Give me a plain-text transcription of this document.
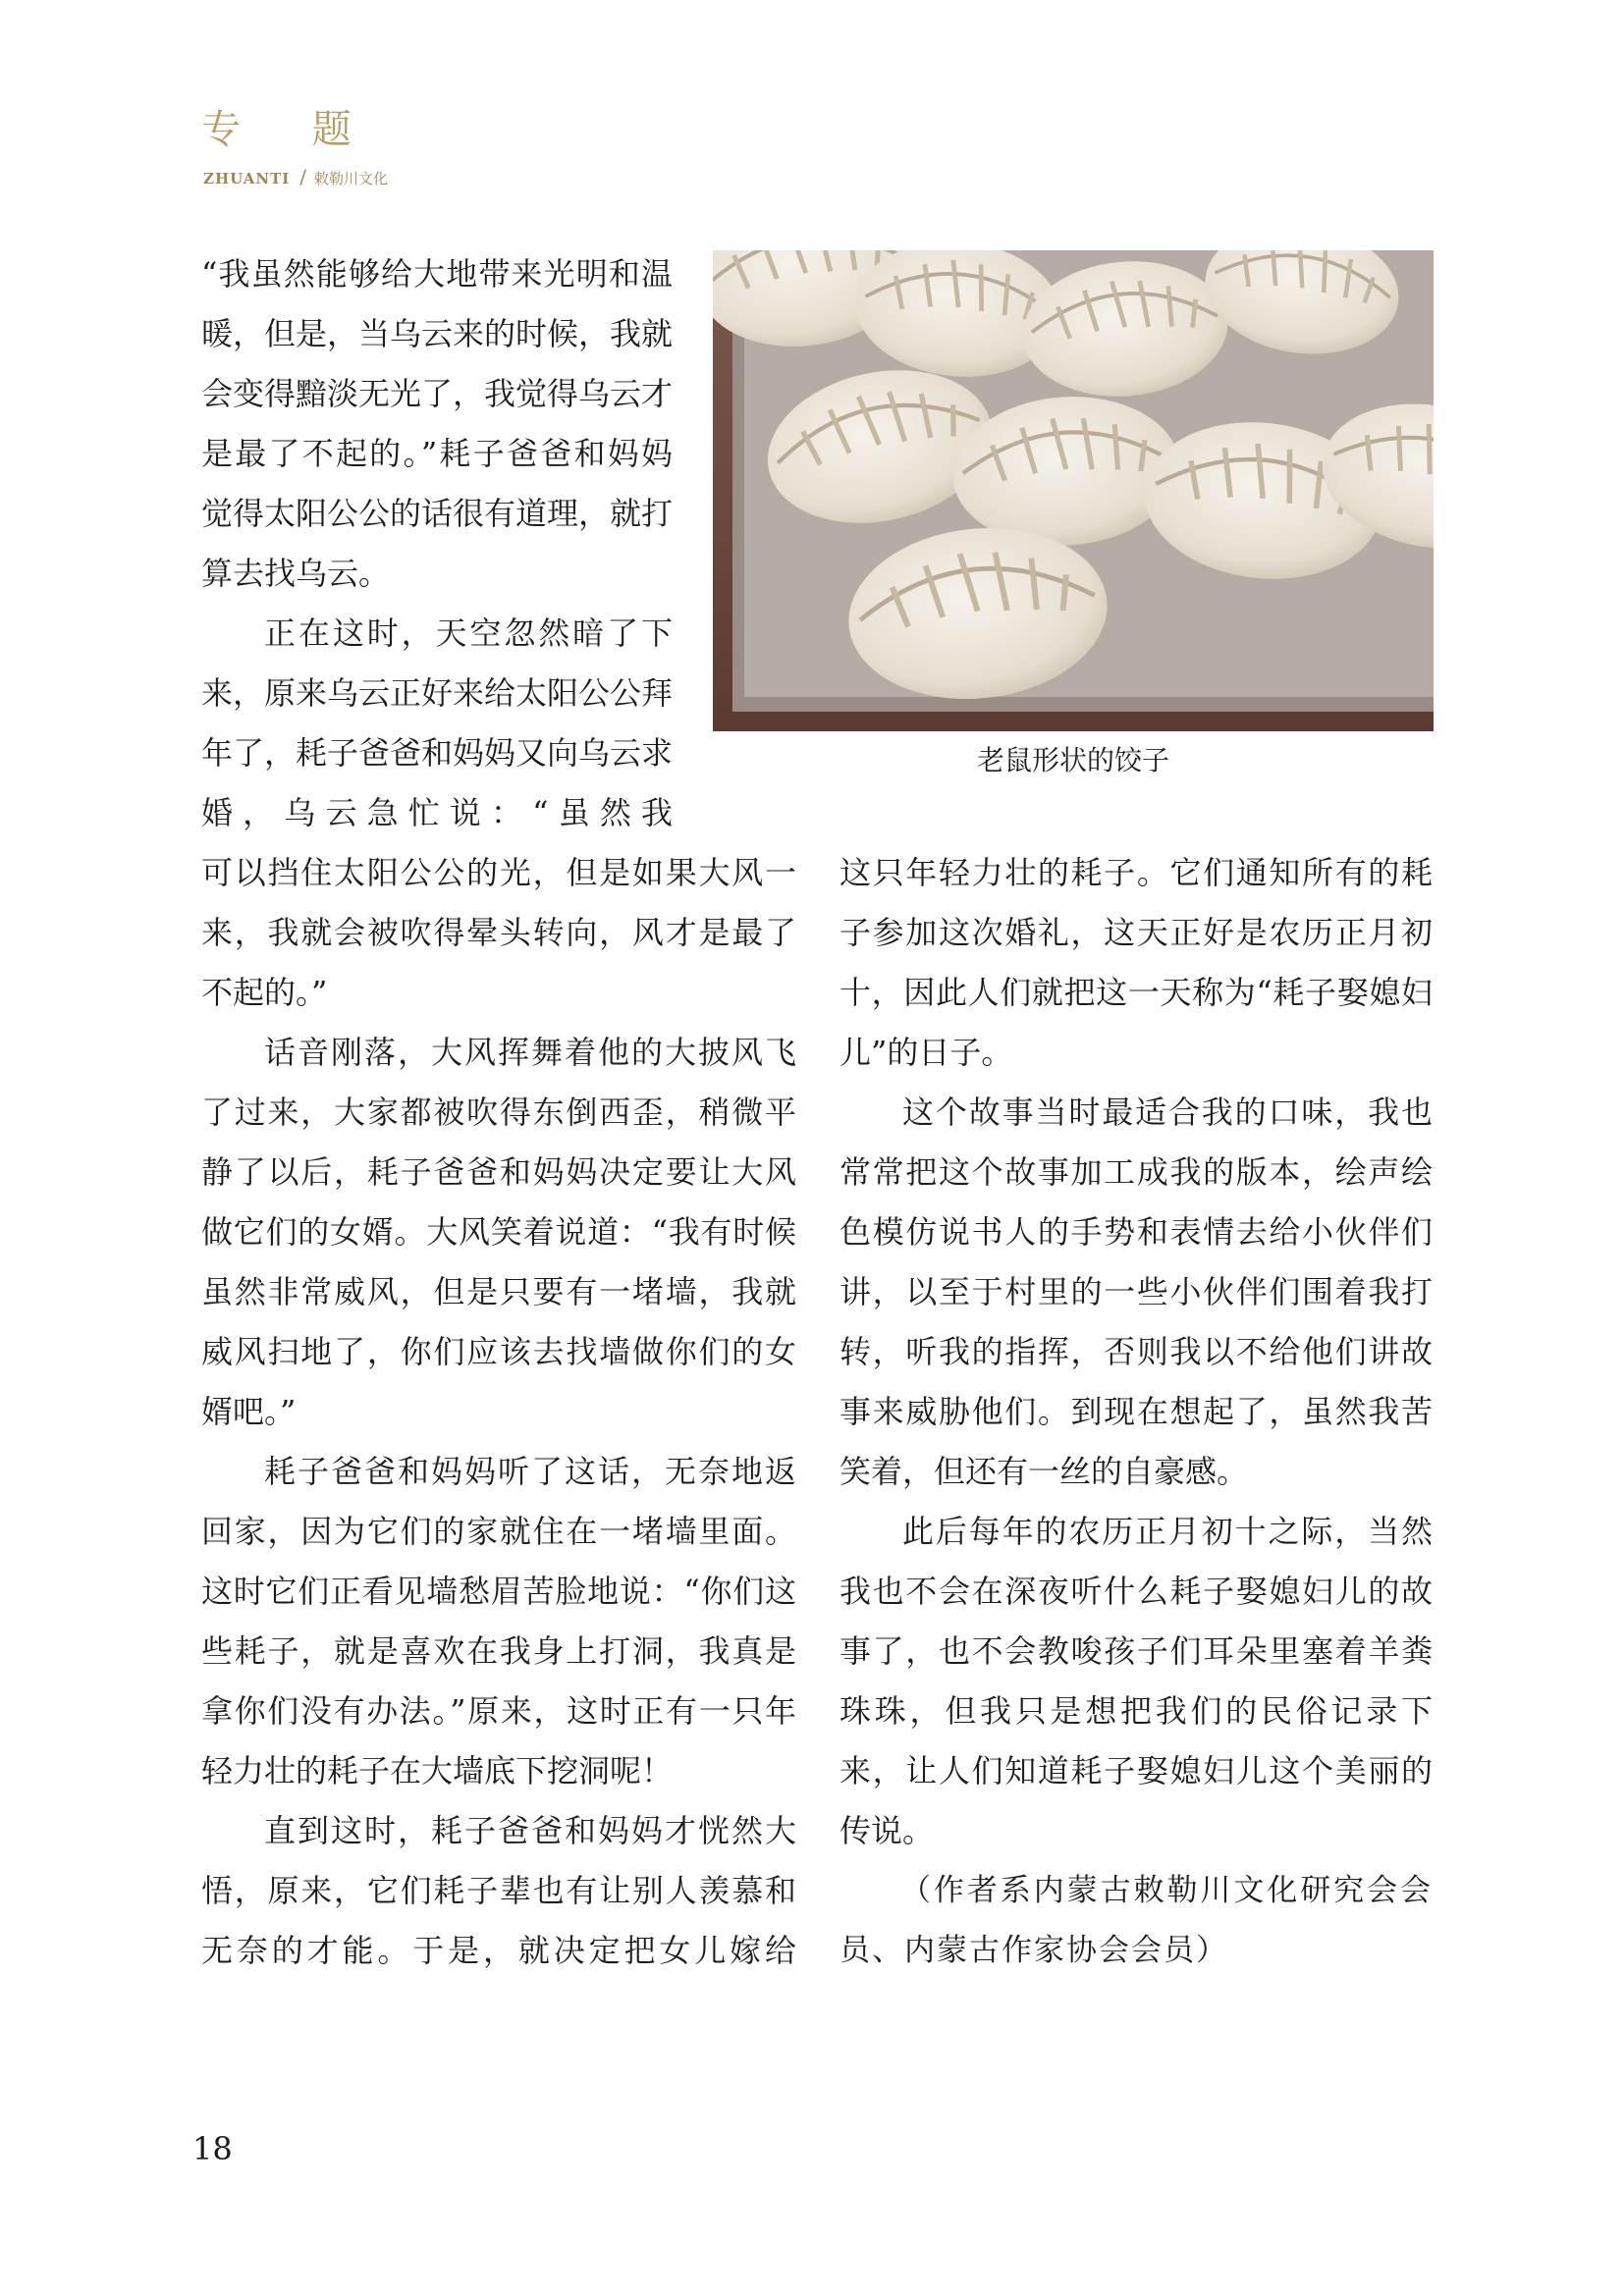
专 题
ZHUANTI / 敕勒川文化

“我虽然能够给大地带来光明和温暖，但是，当乌云来的时候，我就会变得黯淡无光了，我觉得乌云才是最了不起的。”耗子爸爸和妈妈觉得太阳公公的话很有道理，就打算去找乌云。

正在这时，天空忽然暗了下来，原来乌云正好来给太阳公公拜年了，耗子爸爸和妈妈又向乌云求婚，乌云急忙说：“虽然我

老鼠形状的饺子

可以挡住太阳公公的光，但是如果大风一来，我就会被吹得晕头转向，风才是最了不起的。”

话音刚落，大风挥舞着他的大披风飞了过来，大家都被吹得东倒西歪，稍微平静了以后，耗子爸爸和妈妈决定要让大风做它们的女婿。大风笑着说道：“我有时候虽然非常威风，但是只要有一堵墙，我就威风扫地了，你们应该去找墙做你们的女婿吧。”

耗子爸爸和妈妈听了这话，无奈地返回家，因为它们的家就住在一堵墙里面。这时它们正看见墙愁眉苦脸地说：“你们这些耗子，就是喜欢在我身上打洞，我真是拿你们没有办法。”原来，这时正有一只年轻力壮的耗子在大墙底下挖洞呢！

直到这时，耗子爸爸和妈妈才恍然大悟，原来，它们耗子辈也有让别人羡慕和无奈的才能。于是，就决定把女儿嫁给

这只年轻力壮的耗子。它们通知所有的耗子参加这次婚礼，这天正好是农历正月初十，因此人们就把这一天称为“耗子娶媳妇儿”的日子。

这个故事当时最适合我的口味，我也常常把这个故事加工成我的版本，绘声绘色模仿说书人的手势和表情去给小伙伴们讲，以至于村里的一些小伙伴们围着我打转，听我的指挥，否则我以不给他们讲故事来威胁他们。到现在想起了，虽然我苦笑着，但还有一丝的自豪感。

此后每年的农历正月初十之际，当然我也不会在深夜听什么耗子娶媳妇儿的故事了，也不会教唆孩子们耳朵里塞着羊粪珠珠，但我只是想把我们的民俗记录下来，让人们知道耗子娶媳妇儿这个美丽的传说。

（作者系内蒙古敕勒川文化研究会会员、内蒙古作家协会会员）

18
